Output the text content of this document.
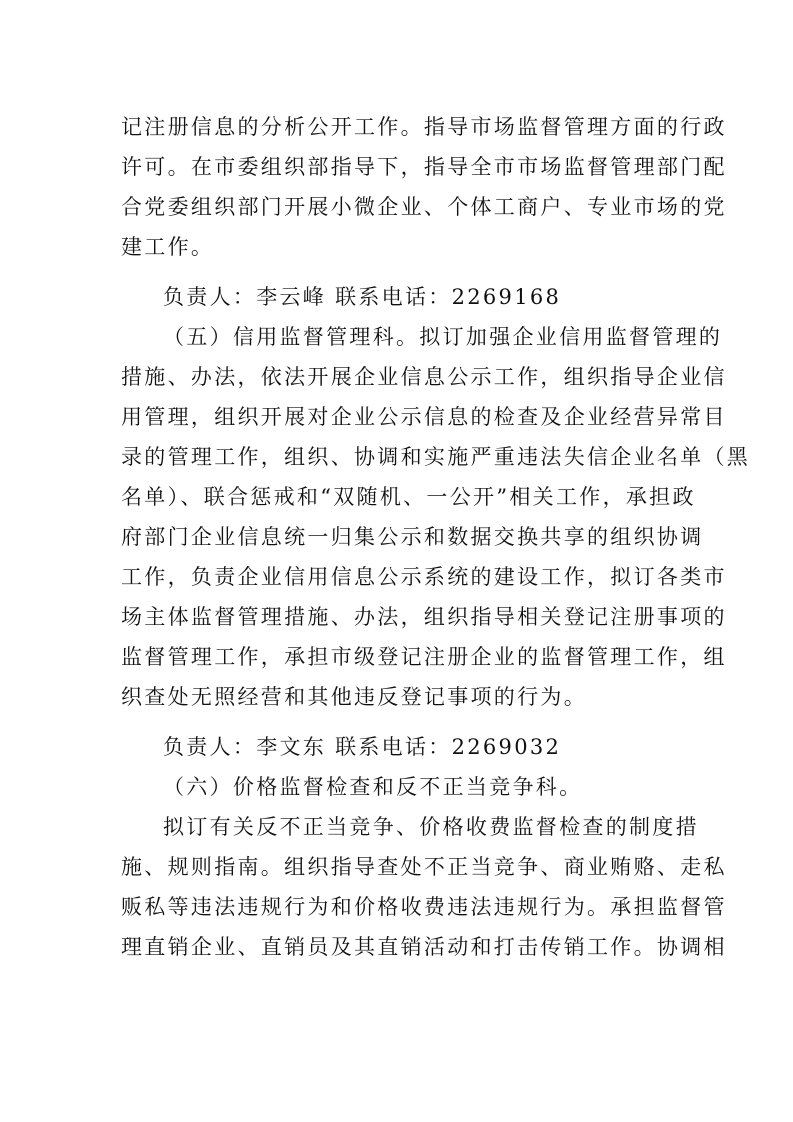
记注册信息的分析公开工作。指导市场监督管理方面的行政
许可。在市委组织部指导下，指导全市市场监督管理部门配
合党委组织部门开展小微企业、个体工商户、专业市场的党
建工作。
负责人：李云峰 联系电话：2269168
（五）信用监督管理科。拟订加强企业信用监督管理的
措施、办法，依法开展企业信息公示工作，组织指导企业信
用管理，组织开展对企业公示信息的检查及企业经营异常目
录的管理工作，组织、协调和实施严重违法失信企业名单（黑
名单）、联合惩戒和“双随机、一公开”相关工作，承担政
府部门企业信息统一归集公示和数据交换共享的组织协调
工作，负责企业信用信息公示系统的建设工作，拟订各类市
场主体监督管理措施、办法，组织指导相关登记注册事项的
监督管理工作，承担市级登记注册企业的监督管理工作，组
织查处无照经营和其他违反登记事项的行为。
负责人：李文东 联系电话：2269032
（六）价格监督检查和反不正当竞争科。
拟订有关反不正当竞争、价格收费监督检查的制度措
施、规则指南。组织指导查处不正当竞争、商业贿赂、走私
贩私等违法违规行为和价格收费违法违规行为。承担监督管
理直销企业、直销员及其直销活动和打击传销工作。协调相
